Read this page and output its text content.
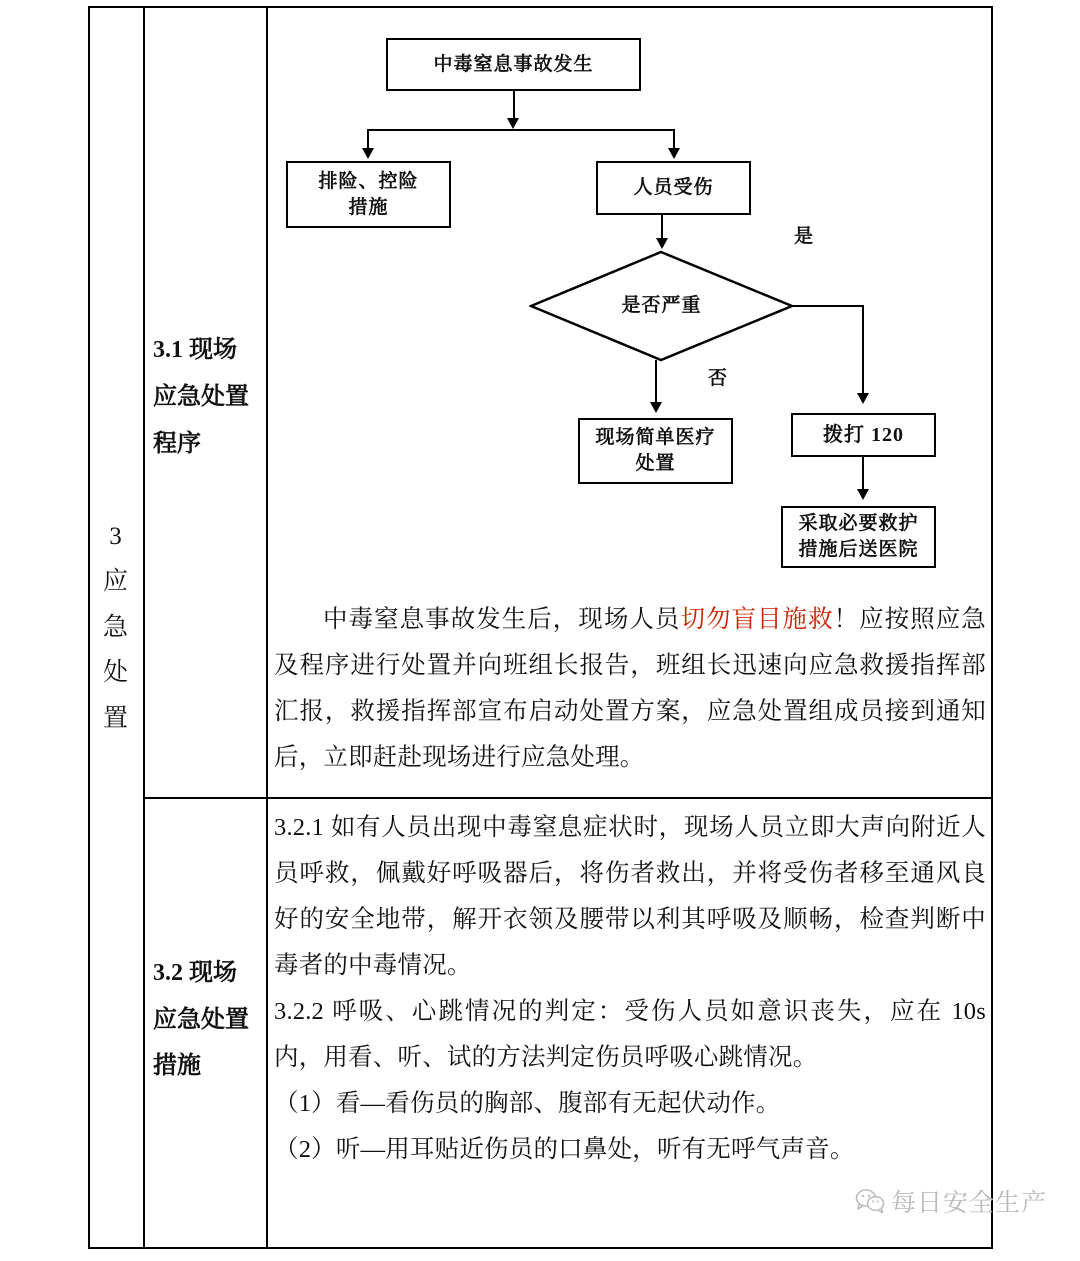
3
应
急
处
置
3.1 现场
应急处置
程序
3.2 现场
应急处置
措施
中毒窒息事故发生
排险、控险
措施
人员受伤
是否严重
是
否
现场简单医疗
处置
拨打 120
采取必要救护
措施后送医院

中毒窒息事故发生后，现场人员切勿盲目施救！应按照应急及程序进行处置并向班组长报告，班组长迅速向应急救援指挥部汇报，救援指挥部宣布启动处置方案，应急处置组成员接到通知后，立即赶赴现场进行应急处理。

3.2.1 如有人员出现中毒窒息症状时，现场人员立即大声向附近人员呼救，佩戴好呼吸器后，将伤者救出，并将受伤者移至通风良好的安全地带，解开衣领及腰带以利其呼吸及顺畅，检查判断中毒者的中毒情况。

3.2.2 呼吸、心跳情况的判定：受伤人员如意识丧失，应在 10s 内，用看、听、试的方法判定伤员呼吸心跳情况。

（1）看—看伤员的胸部、腹部有无起伏动作。

（2）听—用耳贴近伤员的口鼻处，听有无呼气声音。

每日安全生产
